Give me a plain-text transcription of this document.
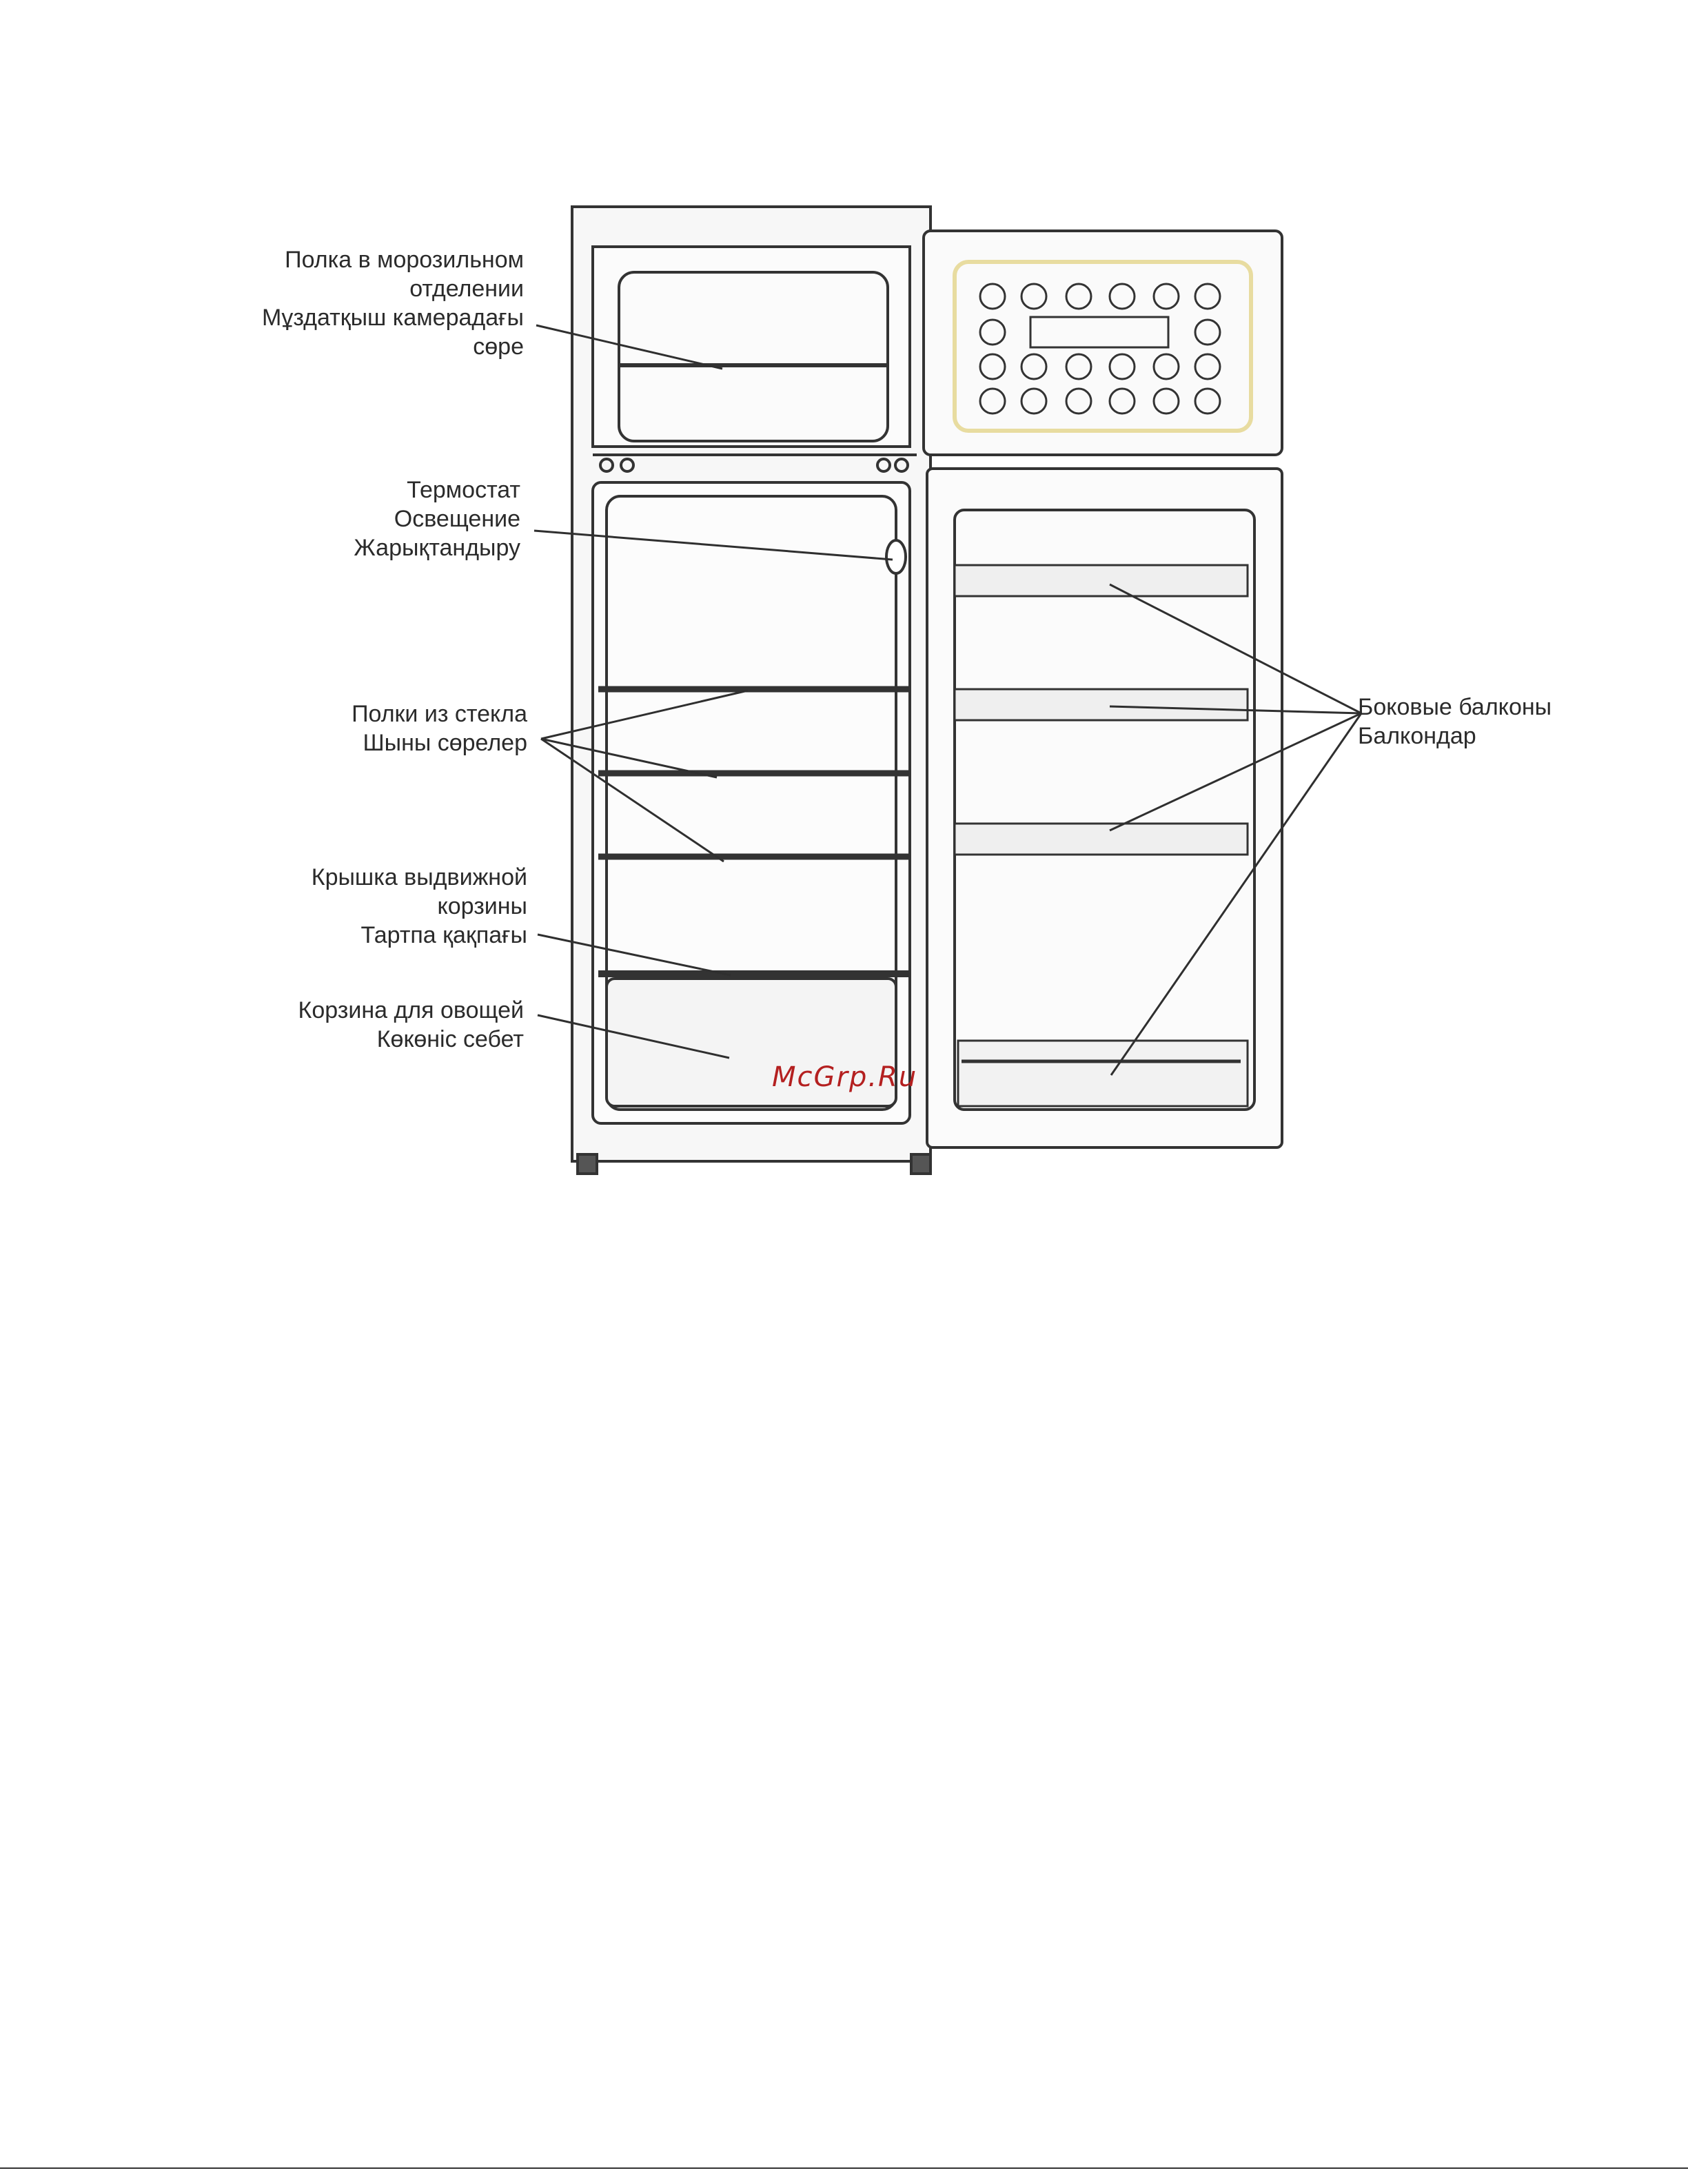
Полка в морозильном
отделении
Мұздатқыш камерадағы
сөре
Термостат
Освещение
Жарықтандыру
Полки из стекла
Шыны сөрелер
Крышка выдвижной
корзины
Тартпа қақпағы
Корзина для овощей
Көкөніс себет
Боковые балконы
Балкондар
McGrp.Ru
